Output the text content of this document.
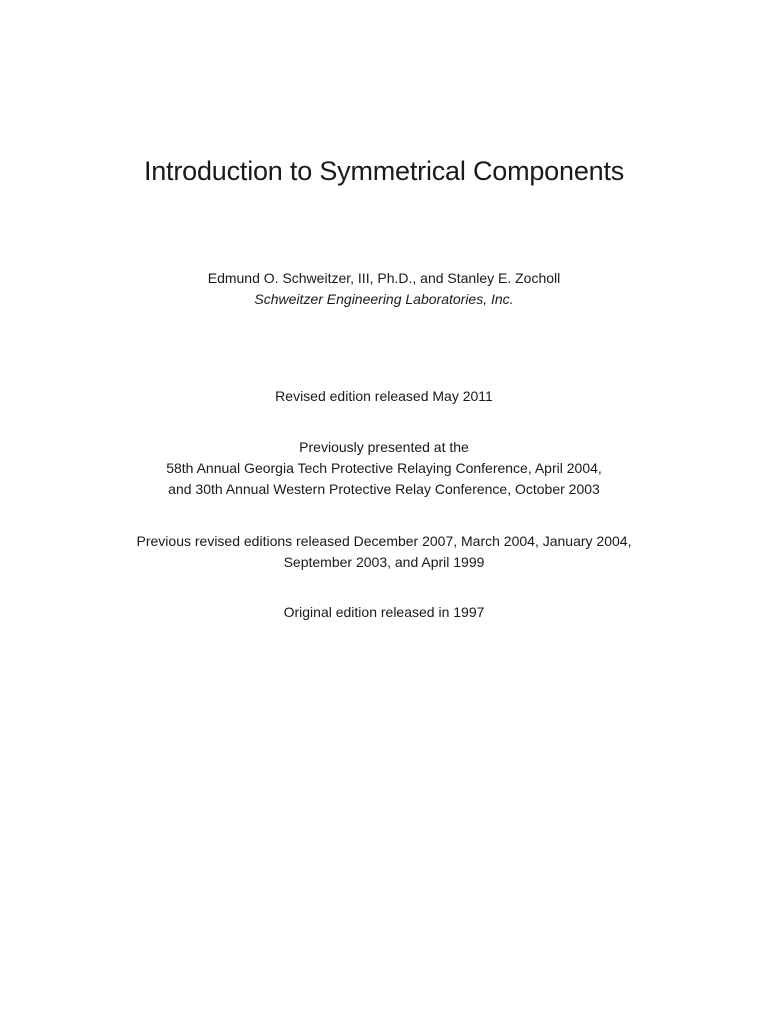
Introduction to Symmetrical Components
Edmund O. Schweitzer, III, Ph.D., and Stanley E. Zocholl
Schweitzer Engineering Laboratories, Inc.
Revised edition released May 2011
Previously presented at the
58th Annual Georgia Tech Protective Relaying Conference, April 2004,
and 30th Annual Western Protective Relay Conference, October 2003
Previous revised editions released December 2007, March 2004, January 2004,
September 2003, and April 1999
Original edition released in 1997
